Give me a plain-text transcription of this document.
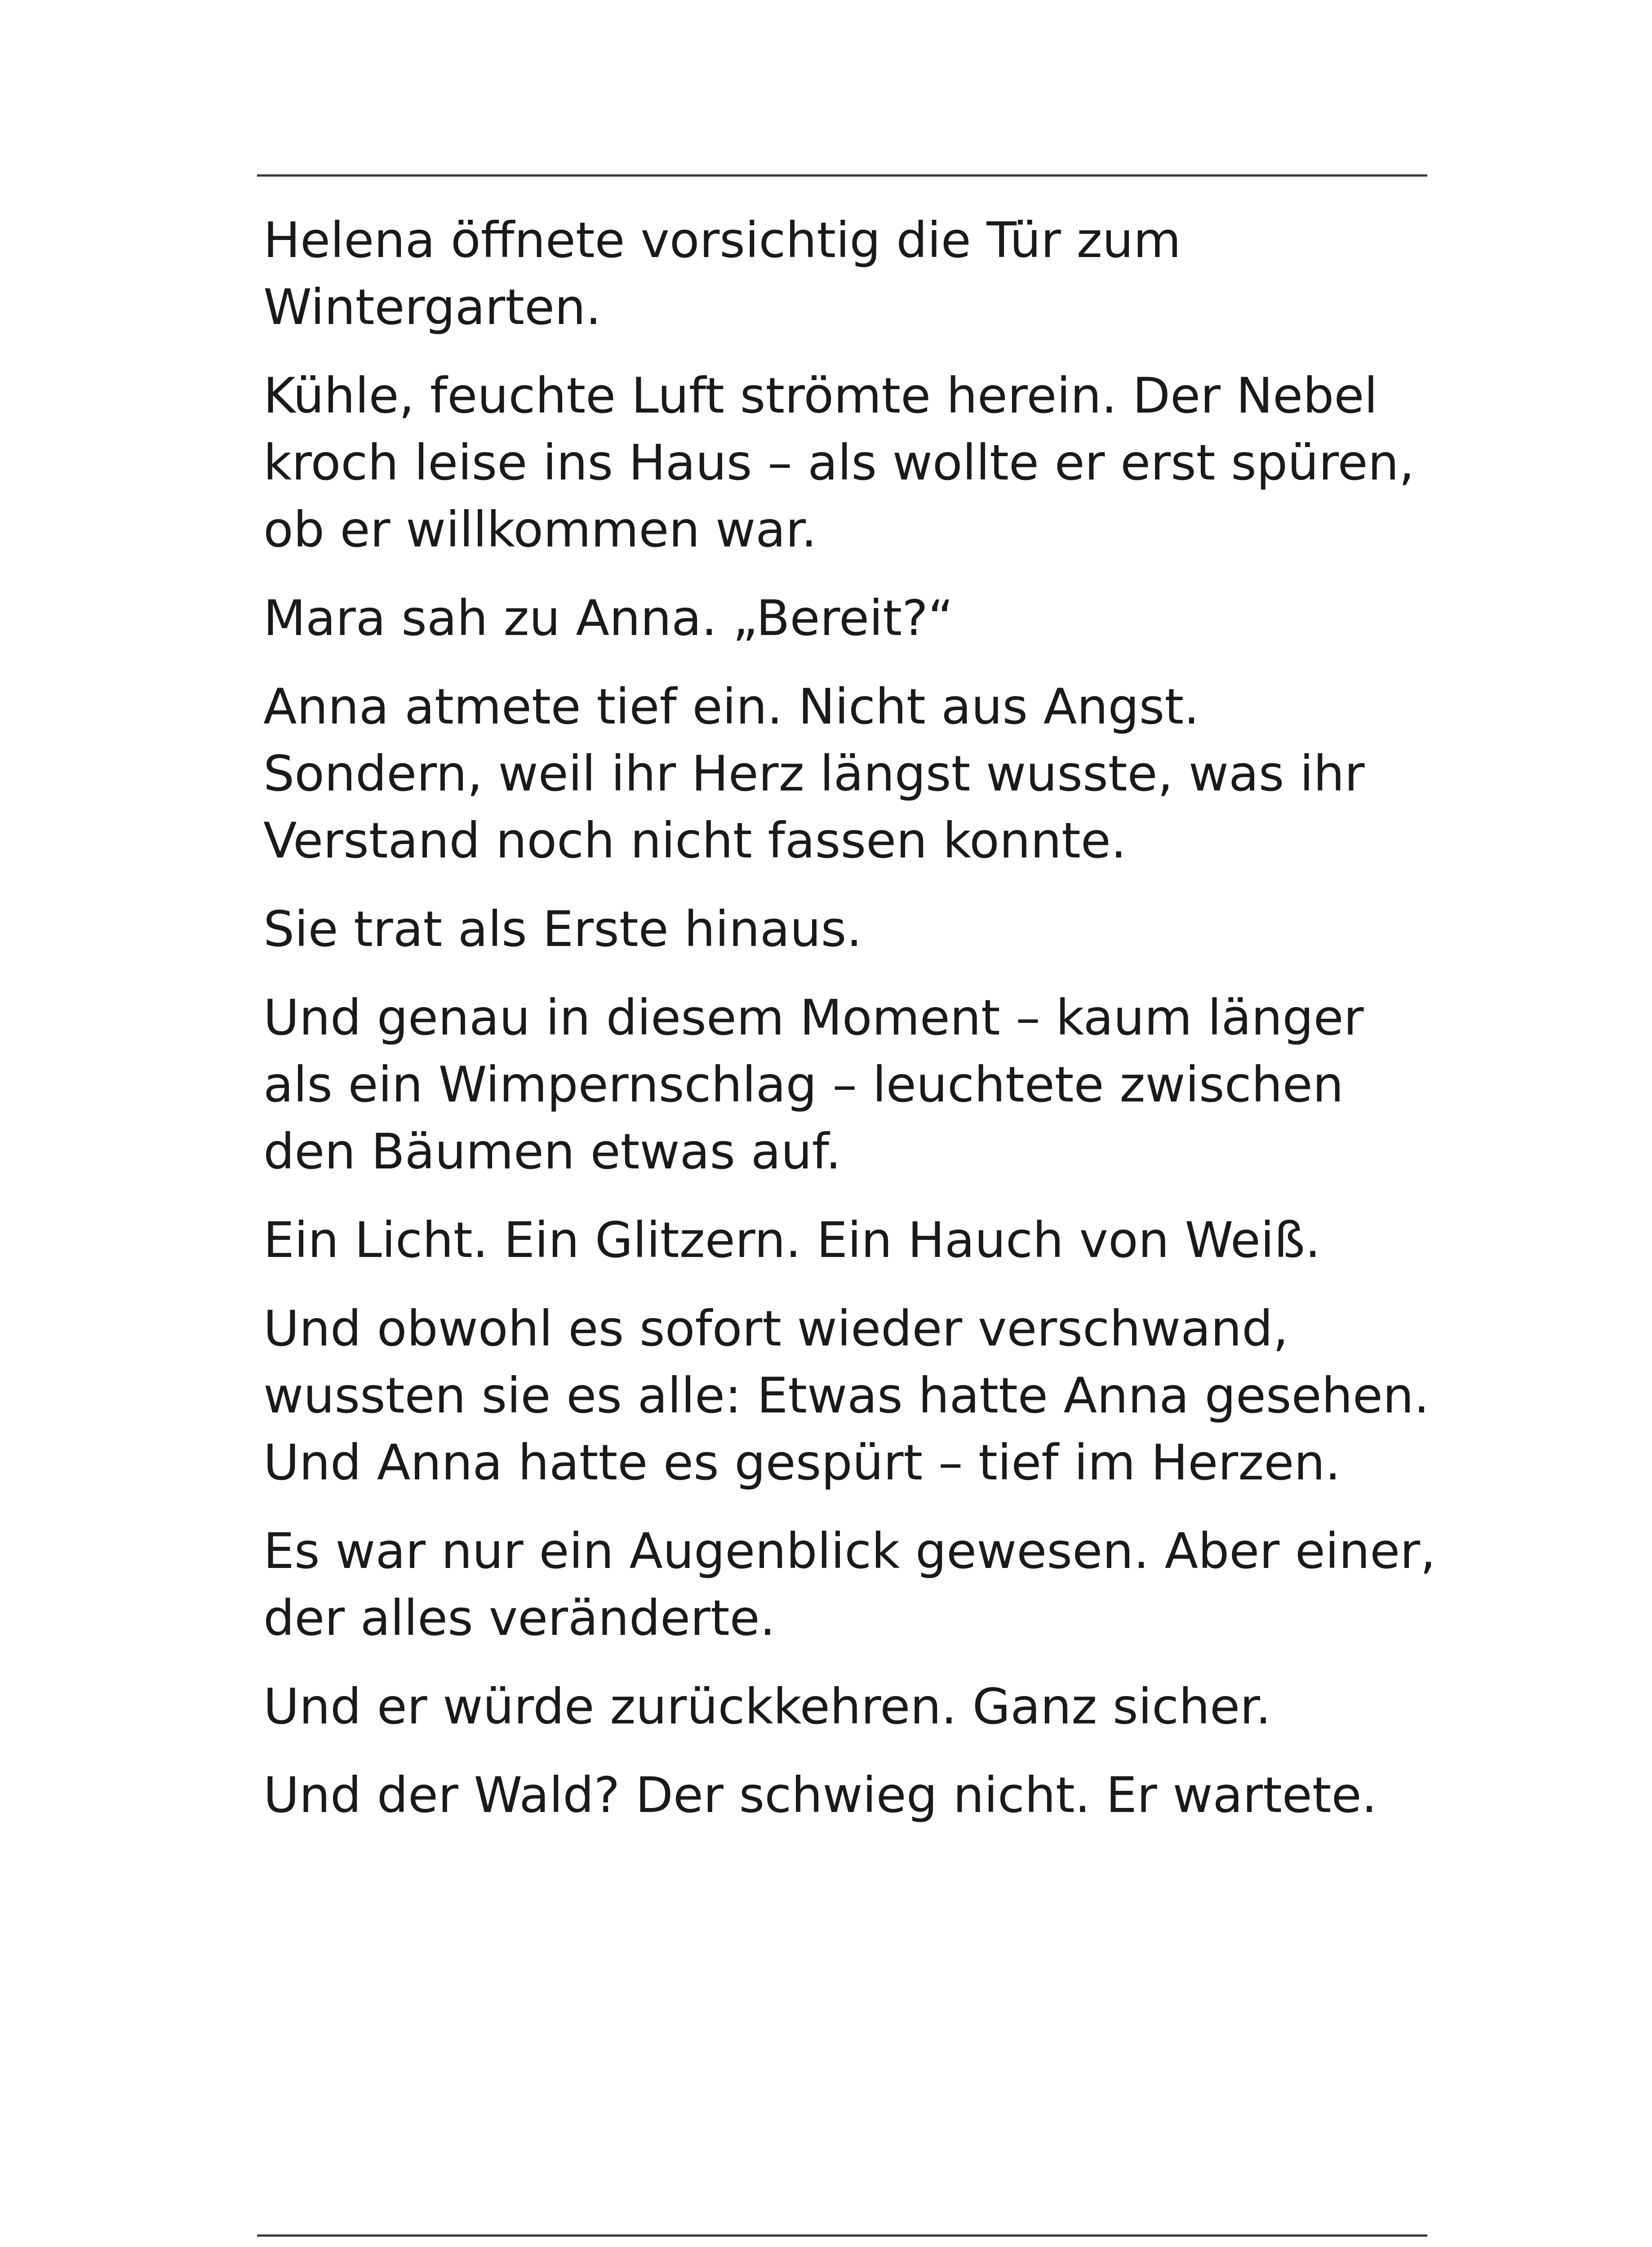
Helena öffnete vorsichtig die Tür zum
Wintergarten.

Kühle, feuchte Luft strömte herein. Der Nebel
kroch leise ins Haus – als wollte er erst spüren,
ob er willkommen war.

Mara sah zu Anna. „Bereit?“

Anna atmete tief ein. Nicht aus Angst.
Sondern, weil ihr Herz längst wusste, was ihr
Verstand noch nicht fassen konnte.

Sie trat als Erste hinaus.

Und genau in diesem Moment – kaum länger
als ein Wimpernschlag – leuchtete zwischen
den Bäumen etwas auf.

Ein Licht. Ein Glitzern. Ein Hauch von Weiß.

Und obwohl es sofort wieder verschwand,
wussten sie es alle: Etwas hatte Anna gesehen.
Und Anna hatte es gespürt – tief im Herzen.

Es war nur ein Augenblick gewesen. Aber einer,
der alles veränderte.

Und er würde zurückkehren. Ganz sicher.

Und der Wald? Der schwieg nicht. Er wartete.
